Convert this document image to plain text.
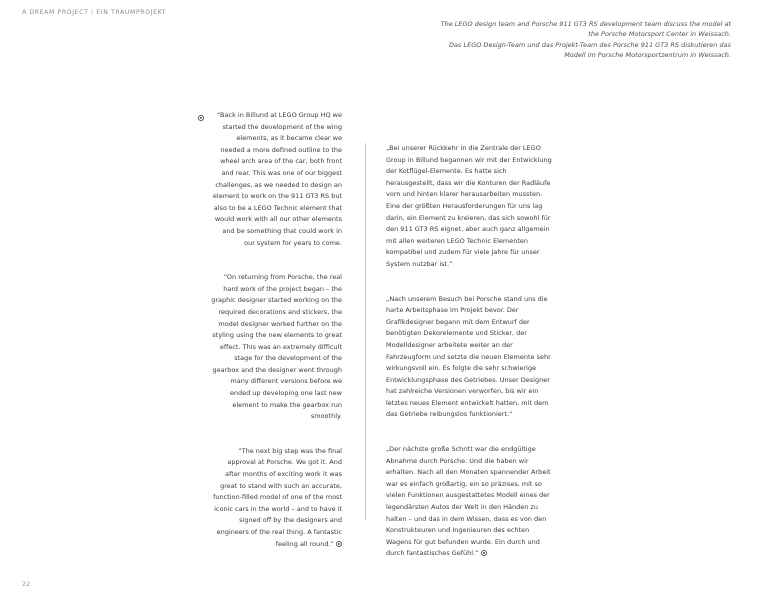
A DREAM PROJECT | EIN TRAUMPROJEKT

The LEGO design team and Porsche 911 GT3 RS development team discuss the model at the Porsche Motorsport Center in Weissach.

Das LEGO Design-Team und das Projekt-Team des Porsche 911 GT3 RS diskutieren das Modell im Porsche Motorsportzentrum in Weissach.

“Back in Billund at LEGO Group HQ we started the development of the wing elements, as it became clear we needed a more defined outline to the wheel arch area of the car, both front and rear. This was one of our biggest challenges, as we needed to design an element to work on the 911 GT3 RS but also to be a LEGO Technic element that would work with all our other elements and be something that could work in our system for years to come.

“On returning from Porsche, the real hard work of the project began – the graphic designer started working on the required decorations and stickers, the model designer worked further on the styling using the new elements to great effect. This was an extremely difficult stage for the development of the gearbox and the designer went through many different versions before we ended up developing one last new element to make the gearbox run smoothly.

“The next big step was the final approval at Porsche. We got it. And after months of exciting work it was great to stand with such an accurate, function-filled model of one of the most iconic cars in the world – and to have it signed off by the designers and engineers of the real thing. A fantastic feeling all round.”

„Bei unserer Rückkehr in die Zentrale der LEGO Group in Billund begannen wir mit der Entwicklung der Kotflügel-Elemente. Es hatte sich herausgestellt, dass wir die Konturen der Radläufe vorn und hinten klarer herausarbeiten mussten. Eine der größten Herausforderungen für uns lag darin, ein Element zu kreieren, das sich sowohl für den 911 GT3 RS eignet, aber auch ganz allgemein mit allen weiteren LEGO Technic Elementen kompatibel und zudem für viele Jahre für unser System nutzbar ist.“

„Nach unserem Besuch bei Porsche stand uns die harte Arbeitsphase im Projekt bevor. Der Grafikdesigner begann mit dem Entwurf der benötigten Dekorelemente und Sticker, der Modelldesigner arbeitete weiter an der Fahrzeugform und setzte die neuen Elemente sehr wirkungsvoll ein. Es folgte die sehr schwierige Entwicklungsphase des Getriebes. Unser Designer hat zahlreiche Versionen verworfen, bis wir ein letztes neues Element entwickelt hatten, mit dem das Getriebe reibungslos funktioniert.“

„Der nächste große Schritt war die endgültige Abnahme durch Porsche. Und die haben wir erhalten. Nach all den Monaten spannender Arbeit war es einfach großartig, ein so präzises, mit so vielen Funktionen ausgestattetes Modell eines der legendärsten Autos der Welt in den Händen zu halten – und das in dem Wissen, dass es von den Konstrukteuren und Ingenieuren des echten Wagens für gut befunden wurde. Ein durch und durch fantastisches Gefühl.“

22
